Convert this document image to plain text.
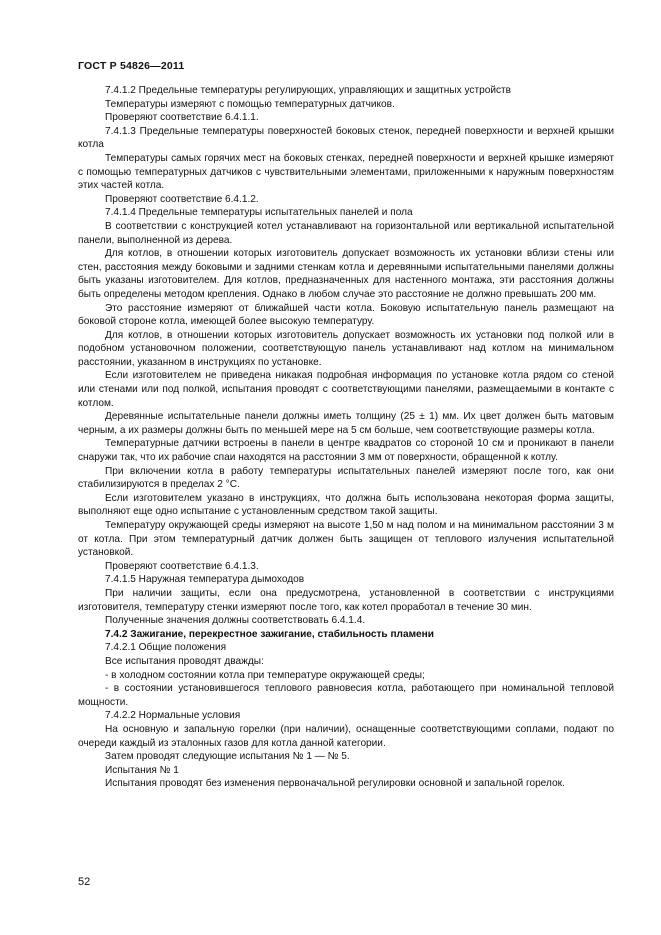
ГОСТ Р 54826—2011

7.4.1.2 Предельные температуры регулирующих, управляющих и защитных устройств

Температуры измеряют с помощью температурных датчиков.

Проверяют соответствие 6.4.1.1.

7.4.1.3 Предельные температуры поверхностей боковых стенок, передней поверхности и верхней крышки котла

Температуры самых горячих мест на боковых стенках, передней поверхности и верхней крышке измеряют с помощью температурных датчиков с чувствительными элементами, приложенными к наружным поверхностям этих частей котла.

Проверяют соответствие 6.4.1.2.

7.4.1.4 Предельные температуры испытательных панелей и пола

В соответствии с конструкцией котел устанавливают на горизонтальной или вертикальной испытательной панели, выполненной из дерева.

Для котлов, в отношении которых изготовитель допускает возможность их установки вблизи стены или стен, расстояния между боковыми и задними стенкам котла и деревянными испытательными панелями должны быть указаны изготовителем. Для котлов, предназначенных для настенного монтажа, эти расстояния должны быть определены методом крепления. Однако в любом случае это расстояние не должно превышать 200 мм.

Это расстояние измеряют от ближайшей части котла. Боковую испытательную панель размещают на боковой стороне котла, имеющей более высокую температуру.

Для котлов, в отношении которых изготовитель допускает возможность их установки под полкой или в подобном установочном положении, соответствующую панель устанавливают над котлом на минимальном расстоянии, указанном в инструкциях по установке.

Если изготовителем не приведена никакая подробная информация по установке котла рядом со стеной или стенами или под полкой, испытания проводят с соответствующими панелями, размещаемыми в контакте с котлом.

Деревянные испытательные панели должны иметь толщину (25 ± 1) мм. Их цвет должен быть матовым черным, а их размеры должны быть по меньшей мере на 5 см больше, чем соответствующие размеры котла.

Температурные датчики встроены в панели в центре квадратов со стороной 10 см и проникают в панели снаружи так, что их рабочие спаи находятся на расстоянии 3 мм от поверхности, обращенной к котлу.

При включении котла в работу температуры испытательных панелей измеряют после того, как они стабилизируются в пределах 2 °С.

Если изготовителем указано в инструкциях, что должна быть использована некоторая форма защиты, выполняют еще одно испытание с установленным средством такой защиты.

Температуру окружающей среды измеряют на высоте 1,50 м над полом и на минимальном расстоянии 3 м от котла. При этом температурный датчик должен быть защищен от теплового излучения испытательной установкой.

Проверяют соответствие 6.4.1.3.

7.4.1.5 Наружная температура дымоходов

При наличии защиты, если она предусмотрена, установленной в соответствии с инструкциями изготовителя, температуру стенки измеряют после того, как котел проработал в течение 30 мин.

Полученные значения должны соответствовать 6.4.1.4.

7.4.2 Зажигание, перекрестное зажигание, стабильность пламени

7.4.2.1 Общие положения

Все испытания проводят дважды:

- в холодном состоянии котла при температуре окружающей среды;

- в состоянии установившегося теплового равновесия котла, работающего при номинальной тепловой мощности.

7.4.2.2 Нормальные условия

На основную и запальную горелки (при наличии), оснащенные соответствующими соплами, подают по очереди каждый из эталонных газов для котла данной категории.

Затем проводят следующие испытания № 1 — № 5.

Испытания № 1

Испытания проводят без изменения первоначальной регулировки основной и запальной горелок.

52
